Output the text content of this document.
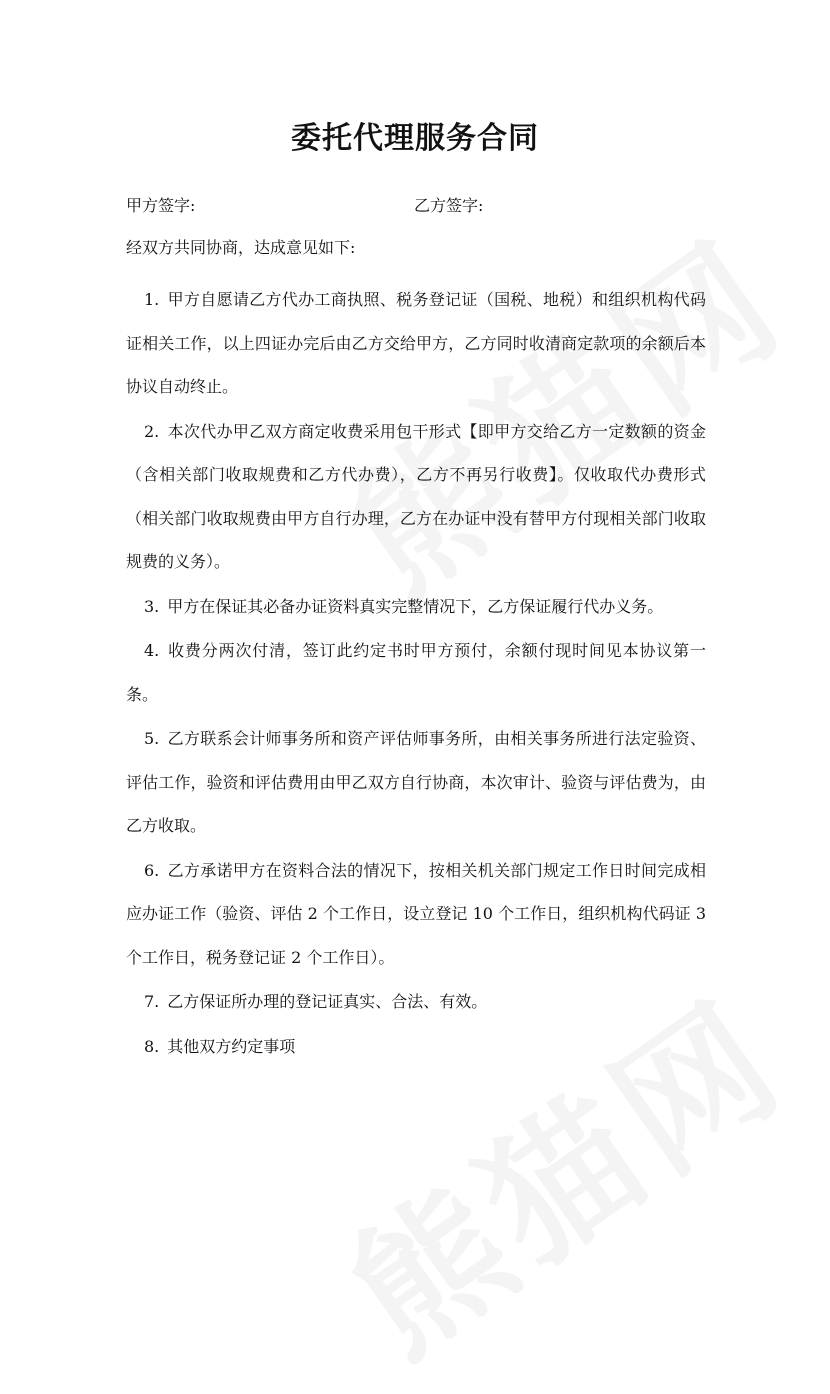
委托代理服务合同
甲方签字:	乙方签字:
经双方共同协商，达成意见如下:
1. 甲方自愿请乙方代办工商执照、税务登记证（国税、地税）和组织机构代码证相关工作，以上四证办完后由乙方交给甲方，乙方同时收清商定款项的余额后本协议自动终止。
2. 本次代办甲乙双方商定收费采用包干形式【即甲方交给乙方一定数额的资金（含相关部门收取规费和乙方代办费），乙方不再另行收费】。仅收取代办费形式（相关部门收取规费由甲方自行办理，乙方在办证中没有替甲方付现相关部门收取规费的义务）。
3. 甲方在保证其必备办证资料真实完整情况下，乙方保证履行代办义务。
4. 收费分两次付清，签订此约定书时甲方预付，余额付现时间见本协议第一条。
5. 乙方联系会计师事务所和资产评估师事务所，由相关事务所进行法定验资、评估工作，验资和评估费用由甲乙双方自行协商，本次审计、验资与评估费为，由乙方收取。
6. 乙方承诺甲方在资料合法的情况下，按相关机关部门规定工作日时间完成相应办证工作（验资、评估 2 个工作日，设立登记 10 个工作日，组织机构代码证 3 个工作日，税务登记证 2 个工作日）。
7. 乙方保证所办理的登记证真实、合法、有效。
8. 其他双方约定事项
